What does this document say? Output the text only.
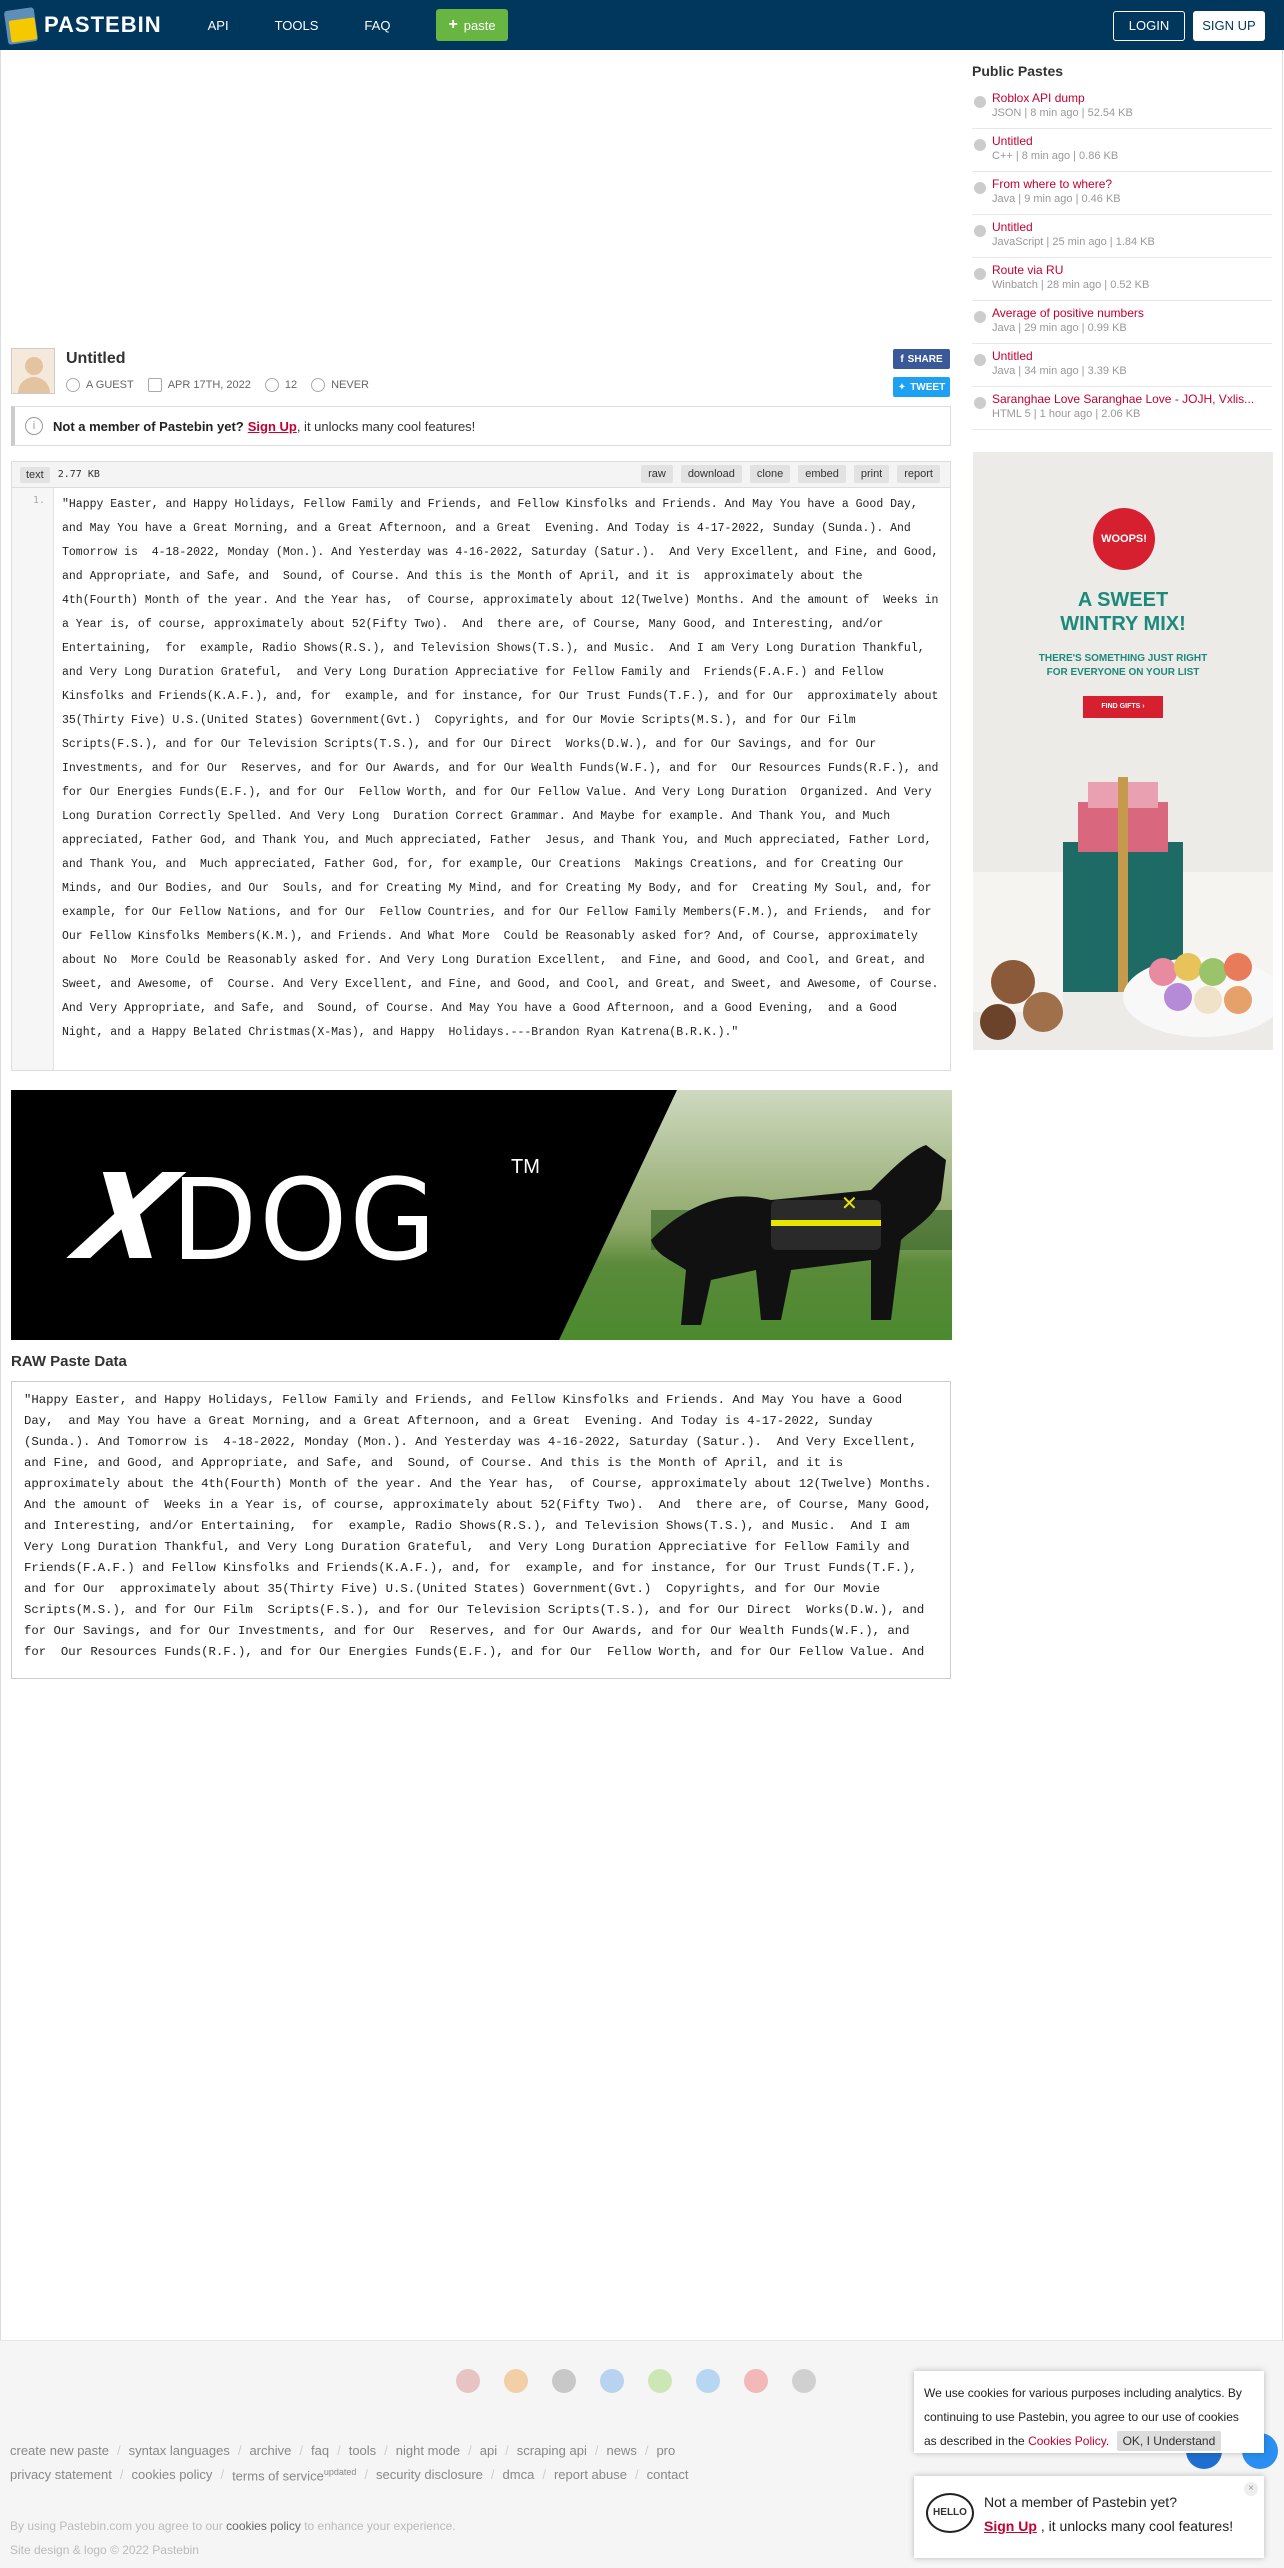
PASTEBIN	API	TOOLS	FAQ	+ paste	LOGIN	SIGN UP
Untitled
A GUEST	APR 17TH, 2022	12	NEVER
f SHARE
✦ TWEET
i	Not a member of Pastebin yet? Sign Up , it unlocks many cool features!
text	2.77 KB	raw	download	clone	embed	print	report
1.	"Happy Easter, and Happy Holidays, Fellow Family and Friends, and Fellow Kinsfolks and Friends. And May You have a Good Day, and May You have a Great Morning, and a Great Afternoon, and a Great  Evening. And Today is 4-17-2022, Sunday (Sunda.). And Tomorrow is  4-18-2022, Monday (Mon.). And Yesterday was 4-16-2022, Saturday (Satur.).  And Very Excellent, and Fine, and Good, and Appropriate, and Safe, and  Sound, of Course. And this is the Month of April, and it is  approximately about the 4th(Fourth) Month of the year. And the Year has,  of Course, approximately about 12(Twelve) Months. And the amount of  Weeks in a Year is, of course, approximately about 52(Fifty Two).  And  there are, of Course, Many Good, and Interesting, and/or Entertaining,  for  example, Radio Shows(R.S.), and Television Shows(T.S.), and Music.  And I am Very Long Duration Thankful, and Very Long Duration Grateful,  and Very Long Duration Appreciative for Fellow Family and  Friends(F.A.F.) and Fellow Kinsfolks and Friends(K.A.F.), and, for  example, and for instance, for Our Trust Funds(T.F.), and for Our  approximately about 35(Thirty Five) U.S.(United States) Government(Gvt.)  Copyrights, and for Our Movie Scripts(M.S.), and for Our Film  Scripts(F.S.), and for Our Television Scripts(T.S.), and for Our Direct  Works(D.W.), and for Our Savings, and for Our Investments, and for Our  Reserves, and for Our Awards, and for Our Wealth Funds(W.F.), and for  Our Resources Funds(R.F.), and for Our Energies Funds(E.F.), and for Our  Fellow Worth, and for Our Fellow Value. And Very Long Duration  Organized. And Very Long Duration Correctly Spelled. And Very Long  Duration Correct Grammar. And Maybe for example. And Thank You, and Much appreciated, Father God, and Thank You, and Much appreciated, Father  Jesus, and Thank You, and Much appreciated, Father Lord, and Thank You, and  Much appreciated, Father God, for, for example, Our Creations  Makings Creations, and for Creating Our Minds, and Our Bodies, and Our  Souls, and for Creating My Mind, and for Creating My Body, and for  Creating My Soul, and, for example, for Our Fellow Nations, and for Our  Fellow Countries, and for Our Fellow Family Members(F.M.), and Friends,  and for Our Fellow Kinsfolks Members(K.M.), and Friends. And What More  Could be Reasonably asked for? And, of Course, approximately about No  More Could be Reasonably asked for. And Very Long Duration Excellent,  and Fine, and Good, and Cool, and Great, and Sweet, and Awesome, of  Course. And Very Excellent, and Fine, and Good, and Cool, and Great, and Sweet, and Awesome, of Course. And Very Appropriate, and Safe, and  Sound, of Course. And May You have a Good Afternoon, and a Good Evening,  and a Good Night, and a Happy Belated Christmas(X-Mas), and Happy  Holidays.---Brandon Ryan Katrena(B.R.K.)."
✕
X
DOG	TM
RAW Paste Data
"Happy Easter, and Happy Holidays, Fellow Family and Friends, and Fellow Kinsfolks and Friends. And May You have a Good Day,  and May You have a Great Morning, and a Great Afternoon, and a Great  Evening. And Today is 4-17-2022, Sunday (Sunda.). And Tomorrow is  4-18-2022, Monday (Mon.). And Yesterday was 4-16-2022, Saturday (Satur.).  And Very Excellent, and Fine, and Good, and Appropriate, and Safe, and  Sound, of Course. And this is the Month of April, and it is  approximately about the 4th(Fourth) Month of the year. And the Year has,  of Course, approximately about 12(Twelve) Months. And the amount of  Weeks in a Year is, of course, approximately about 52(Fifty Two).  And  there are, of Course, Many Good, and Interesting, and/or Entertaining,  for  example, Radio Shows(R.S.), and Television Shows(T.S.), and Music.  And I am Very Long Duration Thankful, and Very Long Duration Grateful,  and Very Long Duration Appreciative for Fellow Family and  Friends(F.A.F.) and Fellow Kinsfolks and Friends(K.A.F.), and, for  example, and for instance, for Our Trust Funds(T.F.), and for Our  approximately about 35(Thirty Five) U.S.(United States) Government(Gvt.)  Copyrights, and for Our Movie Scripts(M.S.), and for Our Film  Scripts(F.S.), and for Our Television Scripts(T.S.), and for Our Direct  Works(D.W.), and for Our Savings, and for Our Investments, and for Our  Reserves, and for Our Awards, and for Our Wealth Funds(W.F.), and for  Our Resources Funds(R.F.), and for Our Energies Funds(E.F.), and for Our  Fellow Worth, and for Our Fellow Value. And
Public Pastes
Roblox API dump
JSON | 8 min ago | 52.54 KB
Untitled
C++ | 8 min ago | 0.86 KB
From where to where?
Java | 9 min ago | 0.46 KB
Untitled
JavaScript | 25 min ago | 1.84 KB
Route via RU
Winbatch | 28 min ago | 0.52 KB
Average of positive numbers
Java | 29 min ago | 0.99 KB
Untitled
Java | 34 min ago | 3.39 KB
Saranghae Love Saranghae Love - JOJH, Vxlis...
HTML 5 | 1 hour ago | 2.06 KB
WOOPS!
A SWEET
WINTRY MIX!
THERE'S SOMETHING JUST RIGHT
FOR EVERYONE ON YOUR LIST
FIND GIFTS ›
create new paste / syntax languages / archive / faq / tools / night mode / api / scraping api / news / pro
privacy statement / cookies policy / terms of service$^{updated}$ / security disclosure / dmca / report abuse / contact
By using Pastebin.com you agree to our cookies policy to enhance your experience.
Site design & logo © 2022 Pastebin
We use cookies for various purposes including analytics. By continuing to use Pastebin, you agree to our use of cookies as described in the Cookies Policy. OK, I Understand
HELLO
Not a member of Pastebin yet?
Sign Up , it unlocks many cool features!
×
